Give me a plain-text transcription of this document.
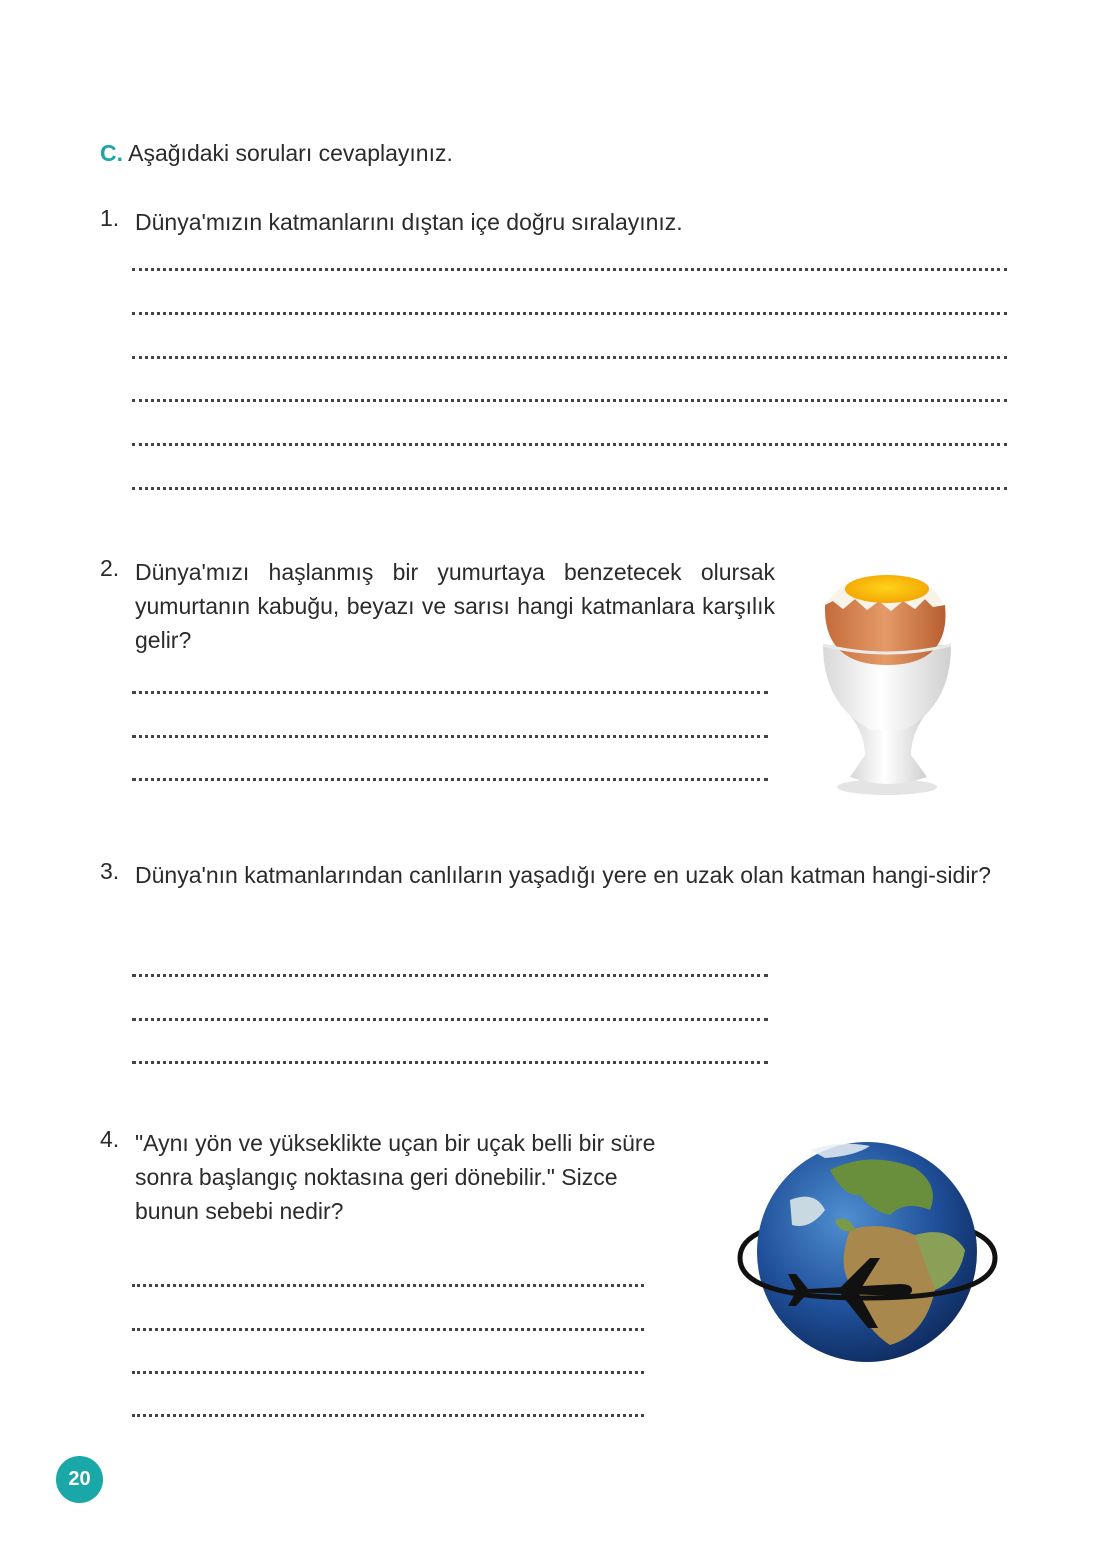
C. Aşağıdaki soruları cevaplayınız.
1. Dünya'mızın katmanlarını dıştan içe doğru sıralayınız.
2. Dünya'mızı haşlanmış bir yumurtaya benzetecek olursak yumurtanın kabuğu, beyazı ve sarısı hangi katmanlara karşılık gelir?
3. Dünya'nın katmanlarından canlıların yaşadığı yere en uzak olan katman hangi-sidir?
4. "Aynı yön ve yükseklikte uçan bir uçak belli bir süre sonra başlangıç noktasına geri dönebilir." Sizce bunun sebebi nedir?
20
